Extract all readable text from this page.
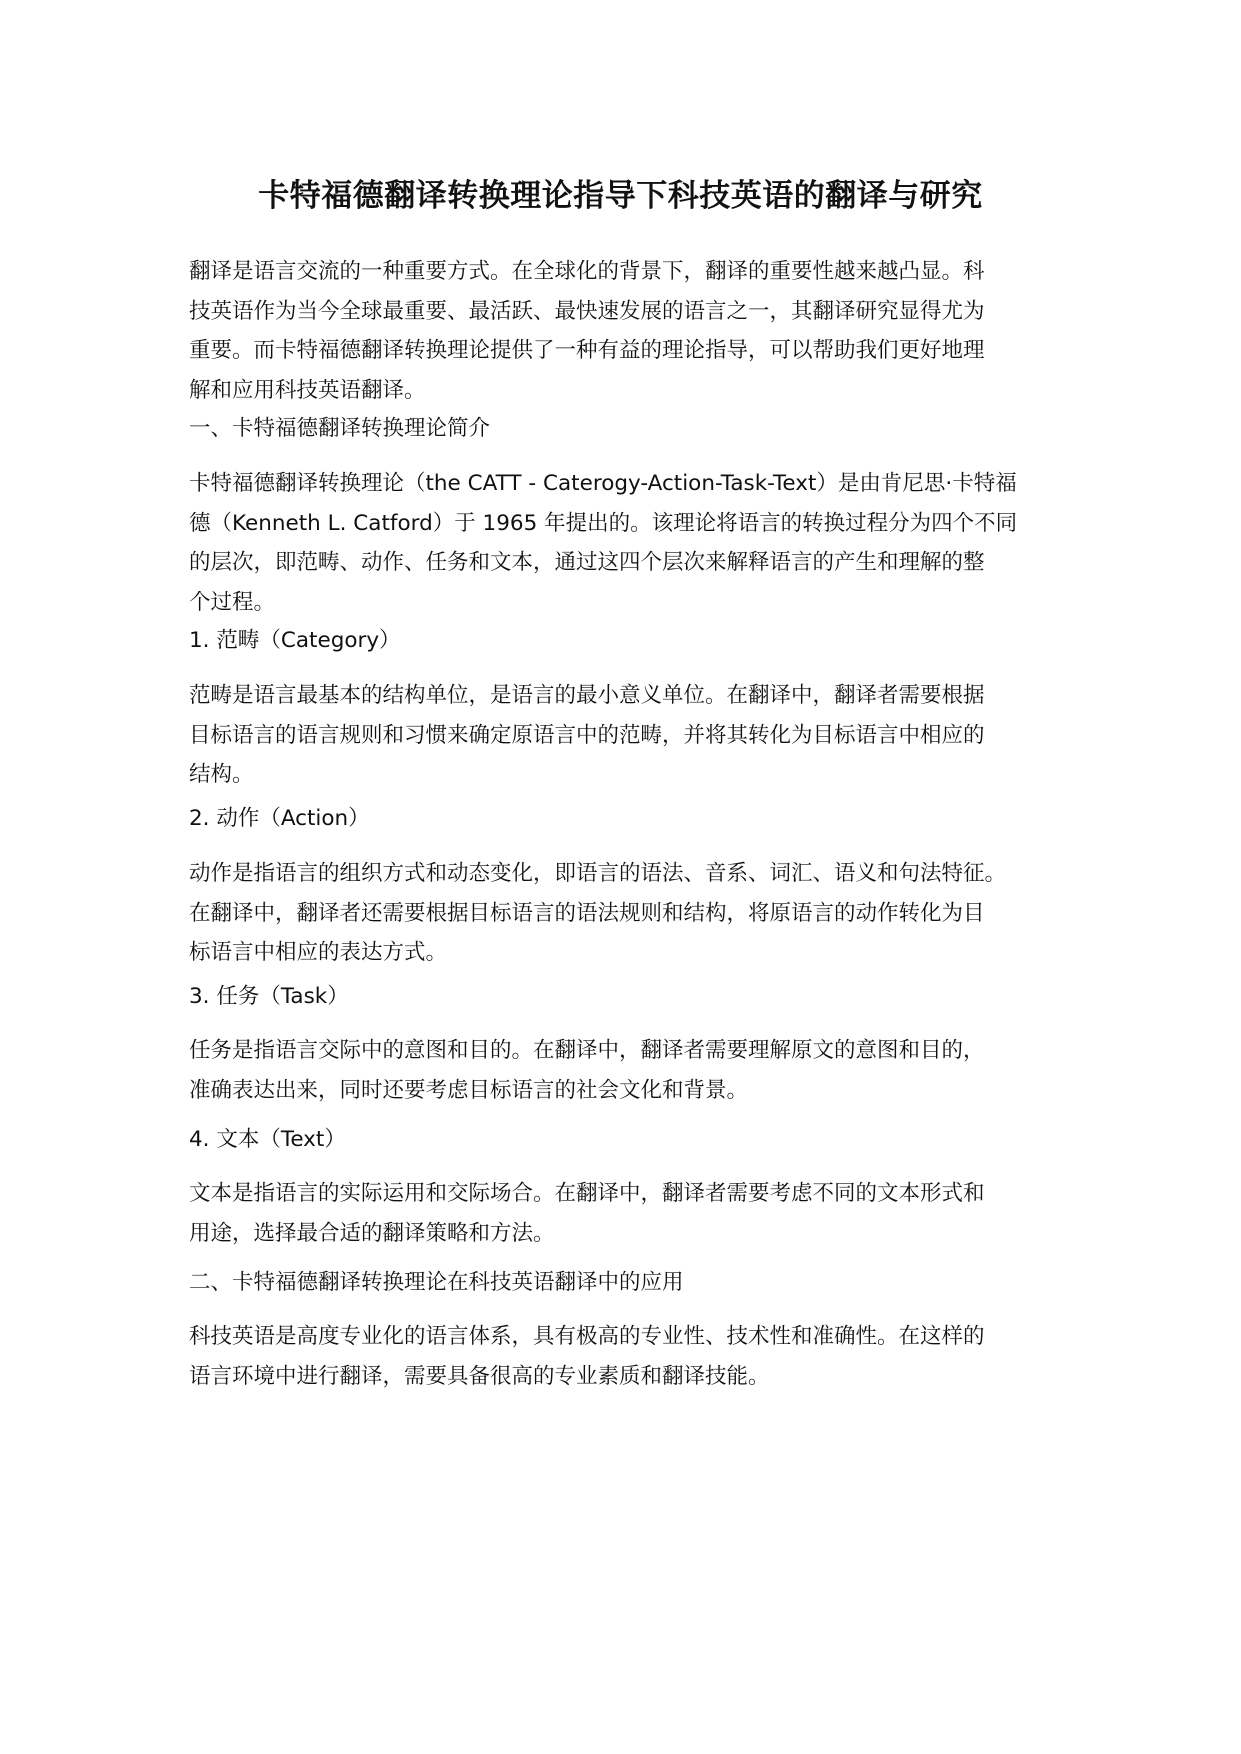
卡特福德翻译转换理论指导下科技英语的翻译与研究

翻译是语言交流的一种重要方式。在全球化的背景下，翻译的重要性越来越凸显。科
技英语作为当今全球最重要、最活跃、最快速发展的语言之一，其翻译研究显得尤为
重要。而卡特福德翻译转换理论提供了一种有益的理论指导，可以帮助我们更好地理
解和应用科技英语翻译。

一、卡特福德翻译转换理论简介

卡特福德翻译转换理论（the CATT - Caterogy-Action-Task-Text）是由肯尼思·卡特福
德（Kenneth L. Catford）于 1965 年提出的。该理论将语言的转换过程分为四个不同
的层次，即范畴、动作、任务和文本，通过这四个层次来解释语言的产生和理解的整
个过程。

1. 范畴（Category）

范畴是语言最基本的结构单位，是语言的最小意义单位。在翻译中，翻译者需要根据
目标语言的语言规则和习惯来确定原语言中的范畴，并将其转化为目标语言中相应的
结构。

2. 动作（Action）

动作是指语言的组织方式和动态变化，即语言的语法、音系、词汇、语义和句法特征。
在翻译中，翻译者还需要根据目标语言的语法规则和结构，将原语言的动作转化为目
标语言中相应的表达方式。

3. 任务（Task）

任务是指语言交际中的意图和目的。在翻译中，翻译者需要理解原文的意图和目的，
准确表达出来，同时还要考虑目标语言的社会文化和背景。

4. 文本（Text）

文本是指语言的实际运用和交际场合。在翻译中，翻译者需要考虑不同的文本形式和
用途，选择最合适的翻译策略和方法。

二、卡特福德翻译转换理论在科技英语翻译中的应用

科技英语是高度专业化的语言体系，具有极高的专业性、技术性和准确性。在这样的
语言环境中进行翻译，需要具备很高的专业素质和翻译技能。
